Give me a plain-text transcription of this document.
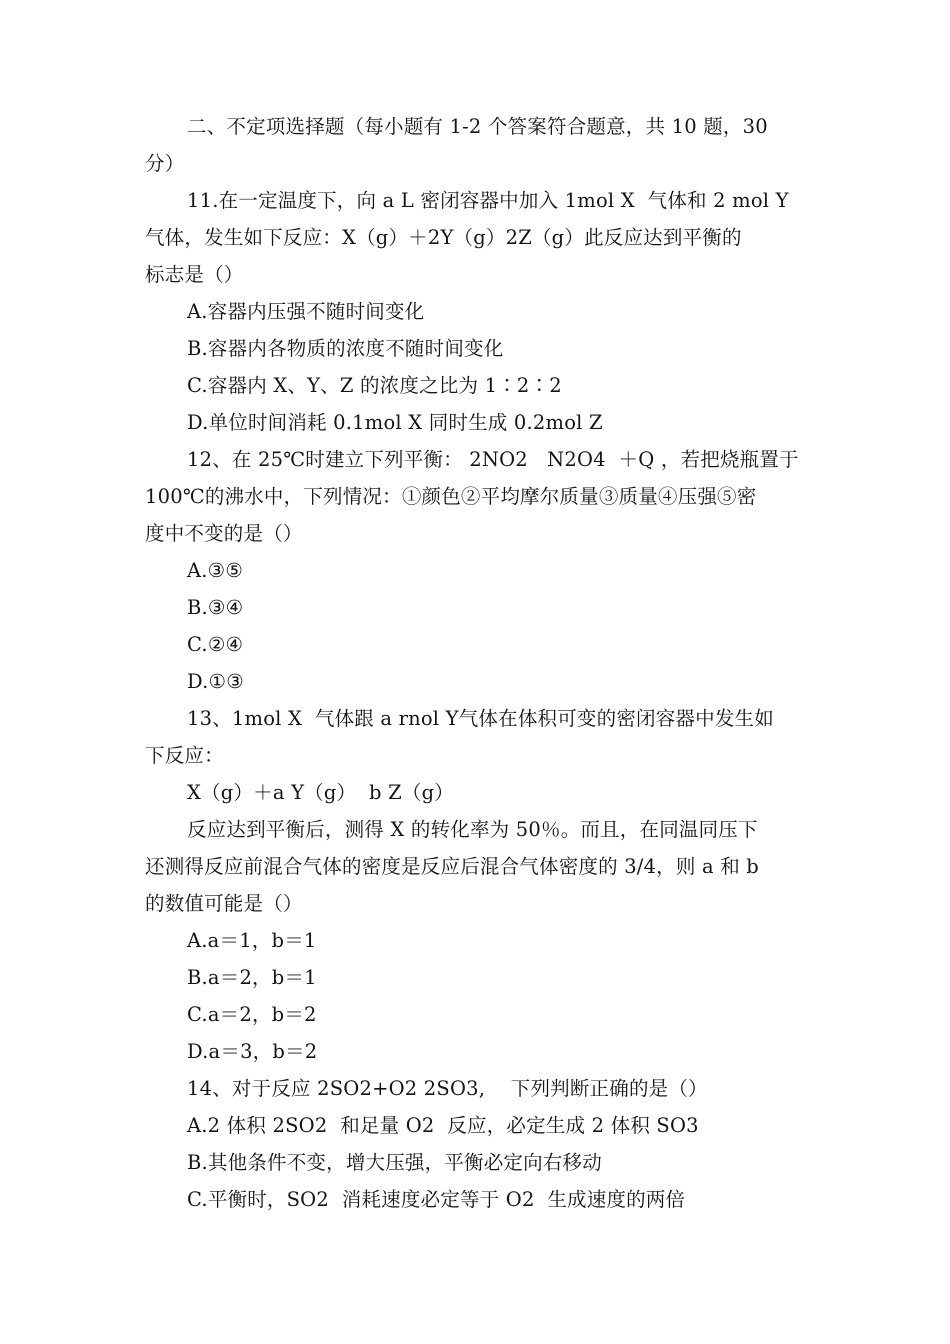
二、不定项选择题（每小题有 1-2 个答案符合题意，共 10 题，30
分）
11.在一定温度下，向 a L 密闭容器中加入 1mol X  气体和 2 mol Y
气体，发生如下反应：X（g）＋2Y（g）2Z（g）此反应达到平衡的
标志是（）
A.容器内压强不随时间变化
B.容器内各物质的浓度不随时间变化
C.容器内 X、Y、Z 的浓度之比为 1∶2∶2
D.单位时间消耗 0.1mol X 同时生成 0.2mol Z
12、在 25℃时建立下列平衡： 2NO2   N2O4  ＋Q ，若把烧瓶置于
100℃的沸水中，下列情况：①颜色②平均摩尔质量③质量④压强⑤密
度中不变的是（）
A.③⑤
B.③④
C.②④
D.①③
13、1mol X  气体跟 a rnol Y气体在体积可变的密闭容器中发生如
下反应：
X（g）＋a Y（g）  b Z（g）
反应达到平衡后，测得 X 的转化率为 50％。而且，在同温同压下
还测得反应前混合气体的密度是反应后混合气体密度的 3/4，则 a 和 b
的数值可能是（）
A.a＝1，b＝1
B.a＝2，b＝1
C.a＝2，b＝2
D.a＝3，b＝2
14、对于反应 2SO2+O2 2SO3,    下列判断正确的是（）
A.2 体积 2SO2  和足量 O2  反应，必定生成 2 体积 SO3
B.其他条件不变，增大压强，平衡必定向右移动
C.平衡时，SO2  消耗速度必定等于 O2  生成速度的两倍
